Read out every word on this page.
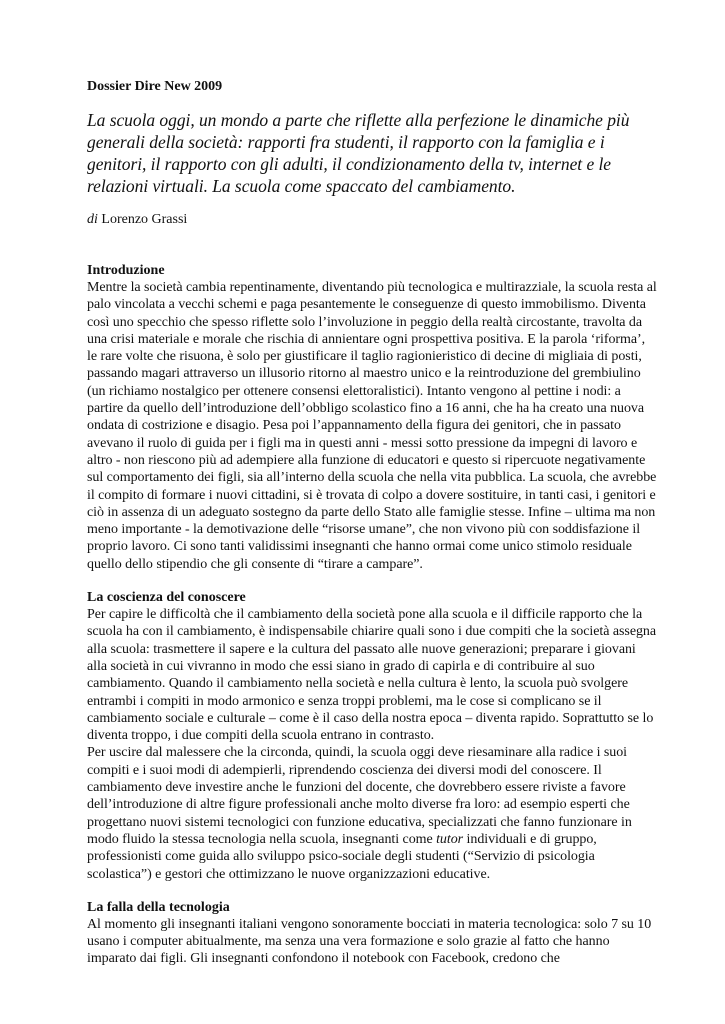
Dossier Dire New 2009

La scuola oggi, un mondo a parte che riflette alla perfezione le dinamiche più generali della società: rapporti fra studenti, il rapporto con la famiglia e i genitori, il rapporto con gli adulti, il condizionamento della tv, internet e le relazioni virtuali. La scuola come spaccato del cambiamento.

di Lorenzo Grassi

Introduzione

Mentre la società cambia repentinamente, diventando più tecnologica e multirazziale, la scuola resta al palo vincolata a vecchi schemi e paga pesantemente le conseguenze di questo immobilismo. Diventa così uno specchio che spesso riflette solo l’involuzione in peggio della realtà circostante, travolta da una crisi materiale e morale che rischia di annientare ogni prospettiva positiva. E la parola ‘riforma’, le rare volte che risuona, è solo per giustificare il taglio ragionieristico di decine di migliaia di posti, passando magari attraverso un illusorio ritorno al maestro unico e la reintroduzione del grembiulino (un richiamo nostalgico per ottenere consensi elettoralistici). Intanto vengono al pettine i nodi: a partire da quello dell’introduzione dell’obbligo scolastico fino a 16 anni, che ha ha creato una nuova ondata di costrizione e disagio. Pesa poi l’appannamento della figura dei genitori, che in passato avevano il ruolo di guida per i figli ma in questi anni - messi sotto pressione da impegni di lavoro e altro - non riescono più ad adempiere alla funzione di educatori e questo si ripercuote negativamente sul comportamento dei figli, sia all’interno della scuola che nella vita pubblica. La scuola, che avrebbe il compito di formare i nuovi cittadini, si è trovata di colpo a dovere sostituire, in tanti casi, i genitori e ciò in assenza di un adeguato sostegno da parte dello Stato alle famiglie stesse. Infine – ultima ma non meno importante - la demotivazione delle “risorse umane”, che non vivono più con soddisfazione il proprio lavoro. Ci sono tanti validissimi insegnanti che hanno ormai come unico stimolo residuale quello dello stipendio che gli consente di “tirare a campare”.

La coscienza del conoscere

Per capire le difficoltà che il cambiamento della società pone alla scuola e il difficile rapporto che la scuola ha con il cambiamento, è indispensabile chiarire quali sono i due compiti che la società assegna alla scuola: trasmettere il sapere e la cultura del passato alle nuove generazioni; preparare i giovani alla società in cui vivranno in modo che essi siano in grado di capirla e di contribuire al suo cambiamento. Quando il cambiamento nella società e nella cultura è lento, la scuola può svolgere entrambi i compiti in modo armonico e senza troppi problemi, ma le cose si complicano se il cambiamento sociale e culturale – come è il caso della nostra epoca – diventa rapido. Soprattutto se lo diventa troppo, i due compiti della scuola entrano in contrasto.

Per uscire dal malessere che la circonda, quindi, la scuola oggi deve riesaminare alla radice i suoi compiti e i suoi modi di adempierli, riprendendo coscienza dei diversi modi del conoscere. Il cambiamento deve investire anche le funzioni del docente, che dovrebbero essere riviste a favore dell’introduzione di altre figure professionali anche molto diverse fra loro: ad esempio esperti che progettano nuovi sistemi tecnologici con funzione educativa, specializzati che fanno funzionare in modo fluido la stessa tecnologia nella scuola, insegnanti come tutor individuali e di gruppo, professionisti come guida allo sviluppo psico-sociale degli studenti (“Servizio di psicologia scolastica”) e gestori che ottimizzano le nuove organizzazioni educative.

La falla della tecnologia

Al momento gli insegnanti italiani vengono sonoramente bocciati in materia tecnologica: solo 7 su 10 usano i computer abitualmente, ma senza una vera formazione e solo grazie al fatto che hanno imparato dai figli. Gli insegnanti confondono il notebook con Facebook, credono che
